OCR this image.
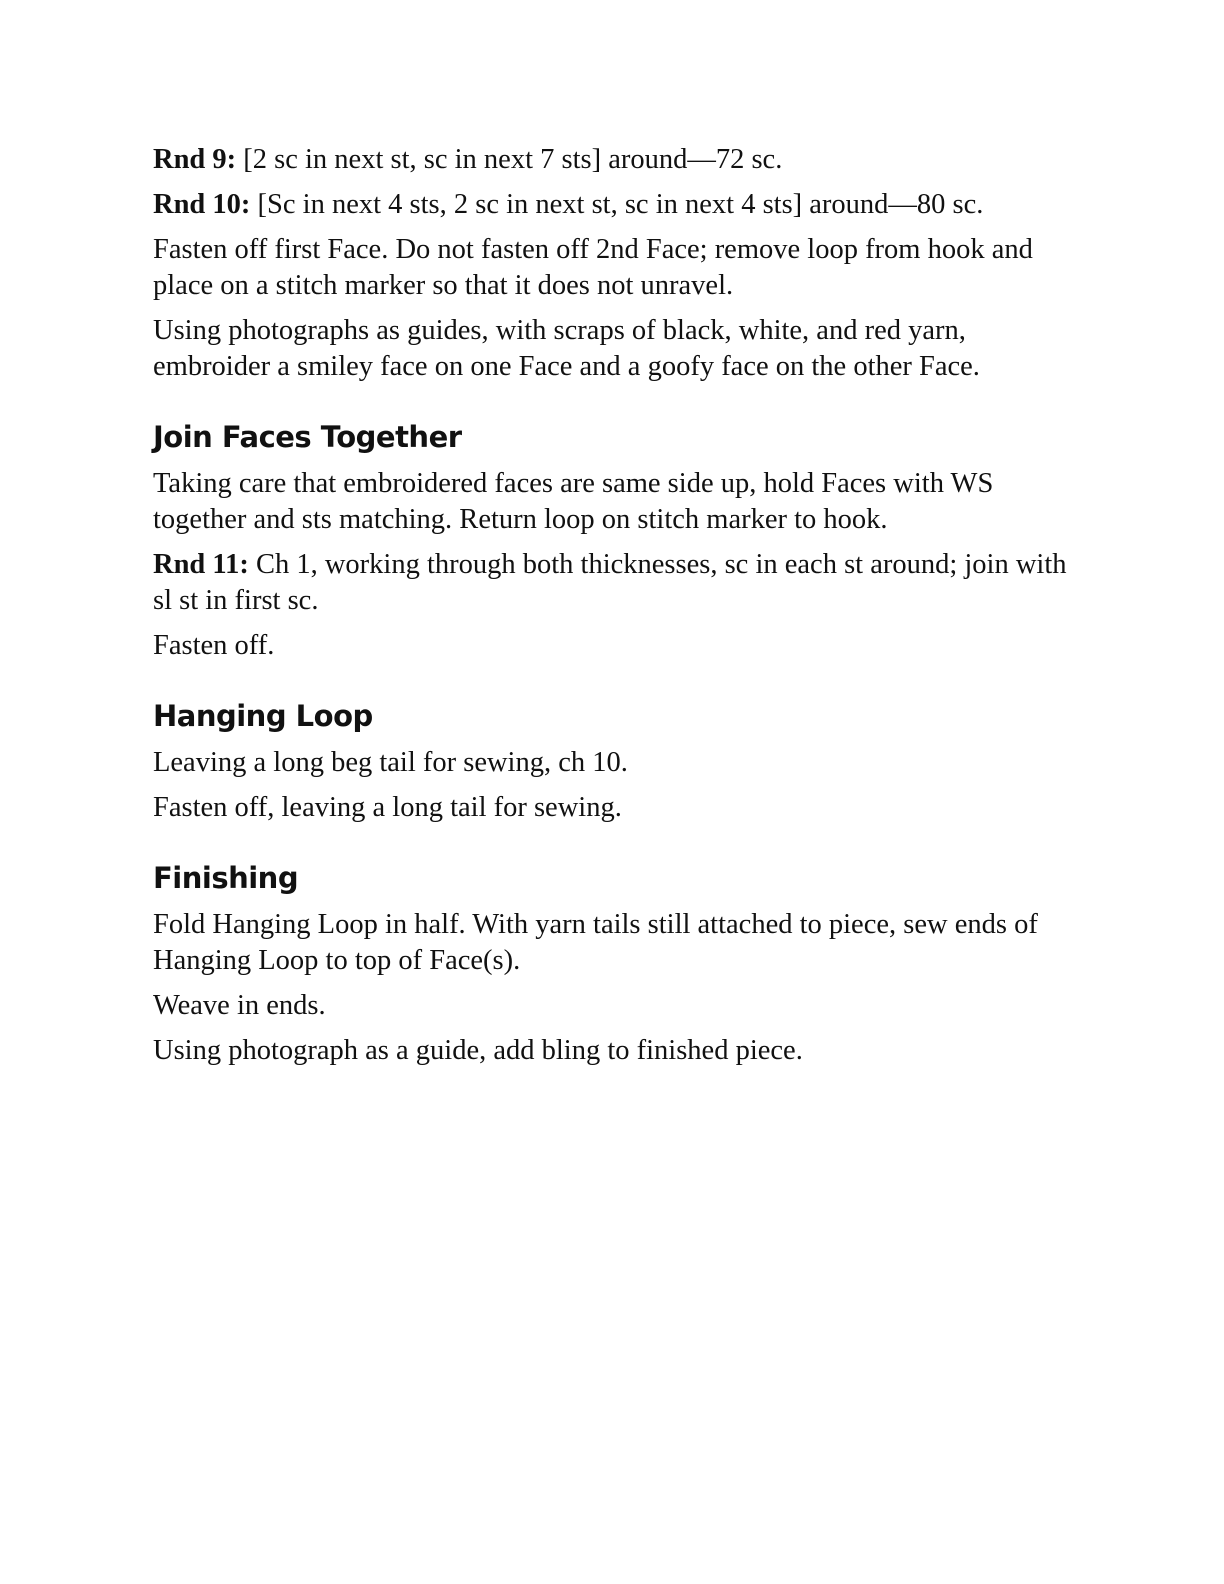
Rnd 9: [2 sc in next st, sc in next 7 sts] around—72 sc.

Rnd 10: [Sc in next 4 sts, 2 sc in next st, sc in next 4 sts] around—80 sc.

Fasten off first Face. Do not fasten off 2nd Face; remove loop from hook and place on a stitch marker so that it does not unravel.

Using photographs as guides, with scraps of black, white, and red yarn, embroider a smiley face on one Face and a goofy face on the other Face.

Join Faces Together

Taking care that embroidered faces are same side up, hold Faces with WS together and sts matching. Return loop on stitch marker to hook.

Rnd 11: Ch 1, working through both thicknesses, sc in each st around; join with sl st in first sc.

Fasten off.

Hanging Loop

Leaving a long beg tail for sewing, ch 10.

Fasten off, leaving a long tail for sewing.

Finishing

Fold Hanging Loop in half. With yarn tails still attached to piece, sew ends of Hanging Loop to top of Face(s).

Weave in ends.

Using photograph as a guide, add bling to finished piece.
